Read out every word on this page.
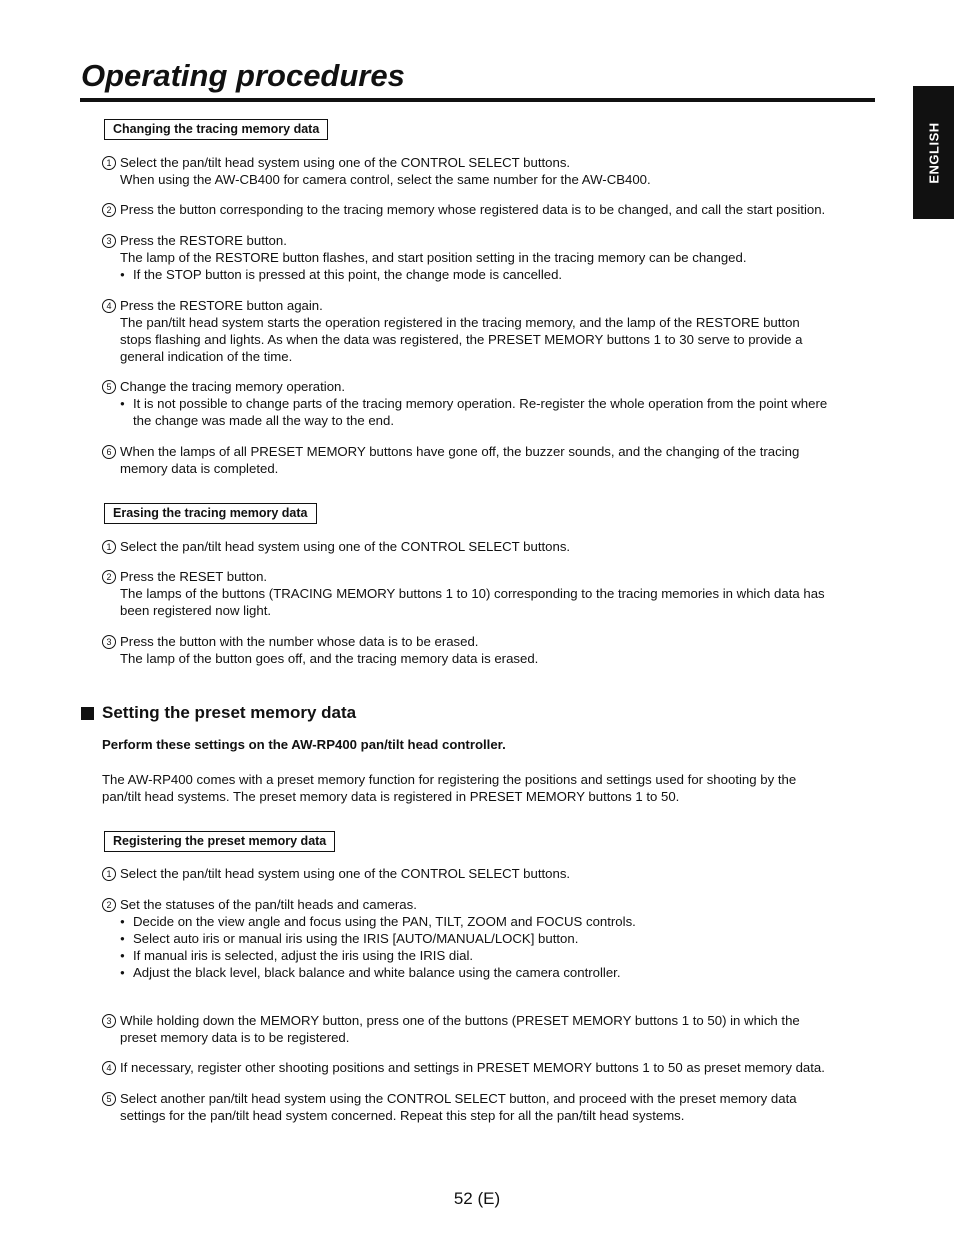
Operating procedures
ENGLISH
Changing the tracing memory data
Erasing the tracing memory data
Setting the preset memory data
Perform these settings on the AW-RP400 pan/tilt head controller.
The AW-RP400 comes with a preset memory function for registering the positions and settings used for shooting by the
pan/tilt head systems. The preset memory data is registered in PRESET MEMORY buttons 1 to 50.
Registering the preset memory data
1 Select the pan/tilt head system using one of the CONTROL SELECT buttons.
When using the AW-CB400 for camera control, select the same number for the AW-CB400.
2 Press the button corresponding to the tracing memory whose registered data is to be changed, and call the start position.
3 Press the RESTORE button.
The lamp of the RESTORE button flashes, and start position setting in the tracing memory can be changed.
● If the STOP button is pressed at this point, the change mode is cancelled.
4 Press the RESTORE button again.
The pan/tilt head system starts the operation registered in the tracing memory, and the lamp of the RESTORE button
stops flashing and lights. As when the data was registered, the PRESET MEMORY buttons 1 to 30 serve to provide a
general indication of the time.
5 Change the tracing memory operation.
● It is not possible to change parts of the tracing memory operation. Re-register the whole operation from the point where
the change was made all the way to the end.
6 When the lamps of all PRESET MEMORY buttons have gone off, the buzzer sounds, and the changing of the tracing
memory data is completed.
1 Select the pan/tilt head system using one of the CONTROL SELECT buttons.
2 Press the RESET button.
The lamps of the buttons (TRACING MEMORY buttons 1 to 10) corresponding to the tracing memories in which data has
been registered now light.
3 Press the button with the number whose data is to be erased.
The lamp of the button goes off, and the tracing memory data is erased.
1 Select the pan/tilt head system using one of the CONTROL SELECT buttons.
2 Set the statuses of the pan/tilt heads and cameras.
● Decide on the view angle and focus using the PAN, TILT, ZOOM and FOCUS controls.
● Select auto iris or manual iris using the IRIS [AUTO/MANUAL/LOCK] button.
● If manual iris is selected, adjust the iris using the IRIS dial.
● Adjust the black level, black balance and white balance using the camera controller.
3 While holding down the MEMORY button, press one of the buttons (PRESET MEMORY buttons 1 to 50) in which the
preset memory data is to be registered.
4 If necessary, register other shooting positions and settings in PRESET MEMORY buttons 1 to 50 as preset memory data.
5 Select another pan/tilt head system using the CONTROL SELECT button, and proceed with the preset memory data
settings for the pan/tilt head system concerned. Repeat this step for all the pan/tilt head systems.
52 (E)
